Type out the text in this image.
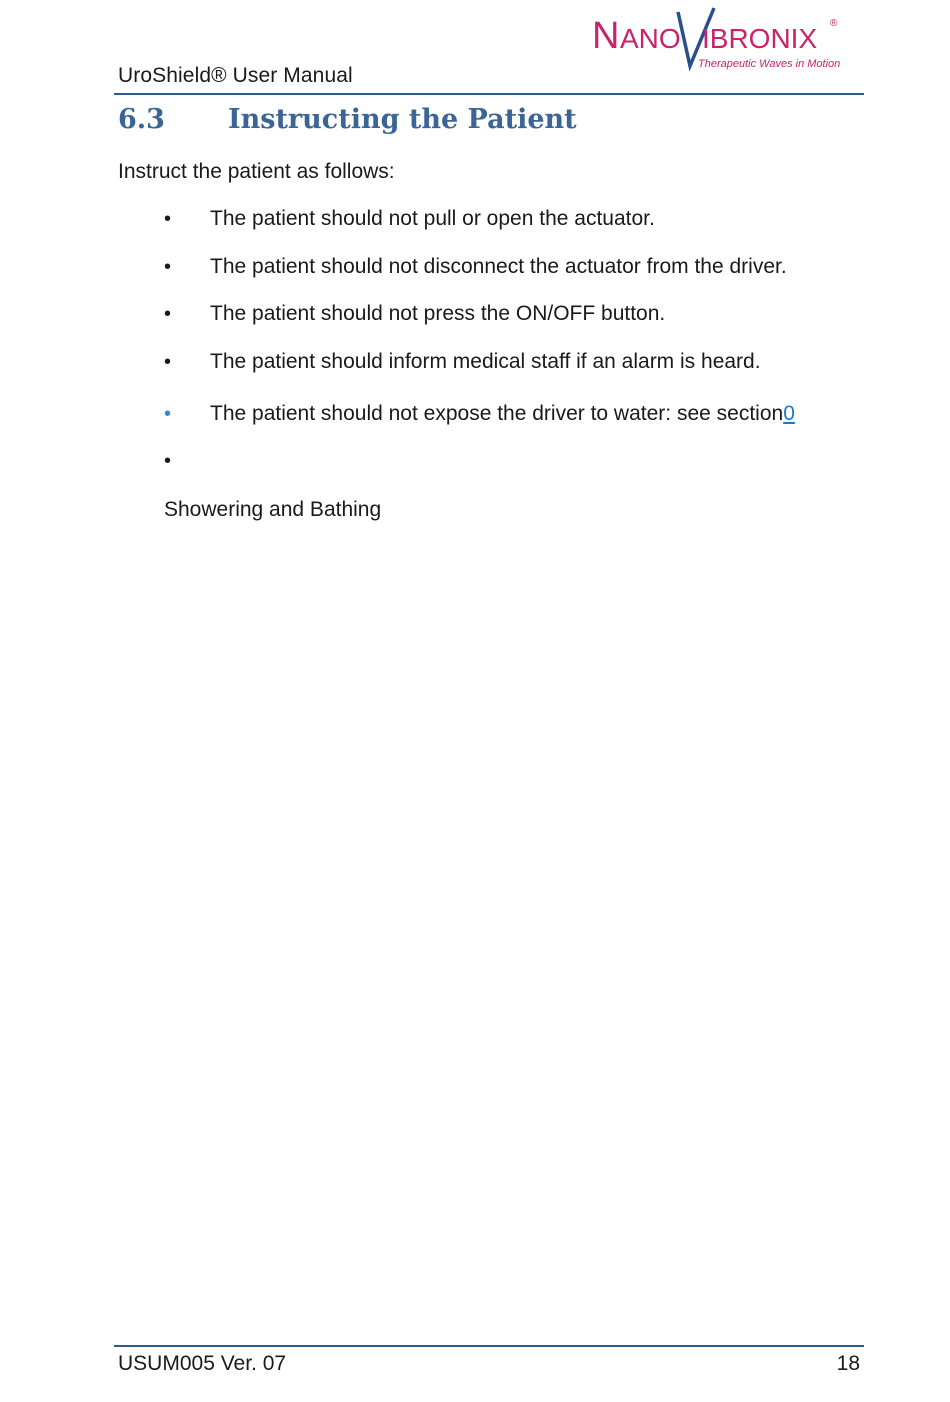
UroShield® User Manual
N ANO IBRONIX ®
Therapeutic Waves in Motion
6.3	Instructing the Patient
Instruct the patient as follows:
•	The patient should not pull or open the actuator.
•	The patient should not disconnect the actuator from the driver.
•	The patient should not press the ON/OFF button.
•	The patient should inform medical staff if an alarm is heard.
•	The patient should not expose the driver to water: see section 0
•
Showering and Bathing
USUM005 Ver. 07	18
